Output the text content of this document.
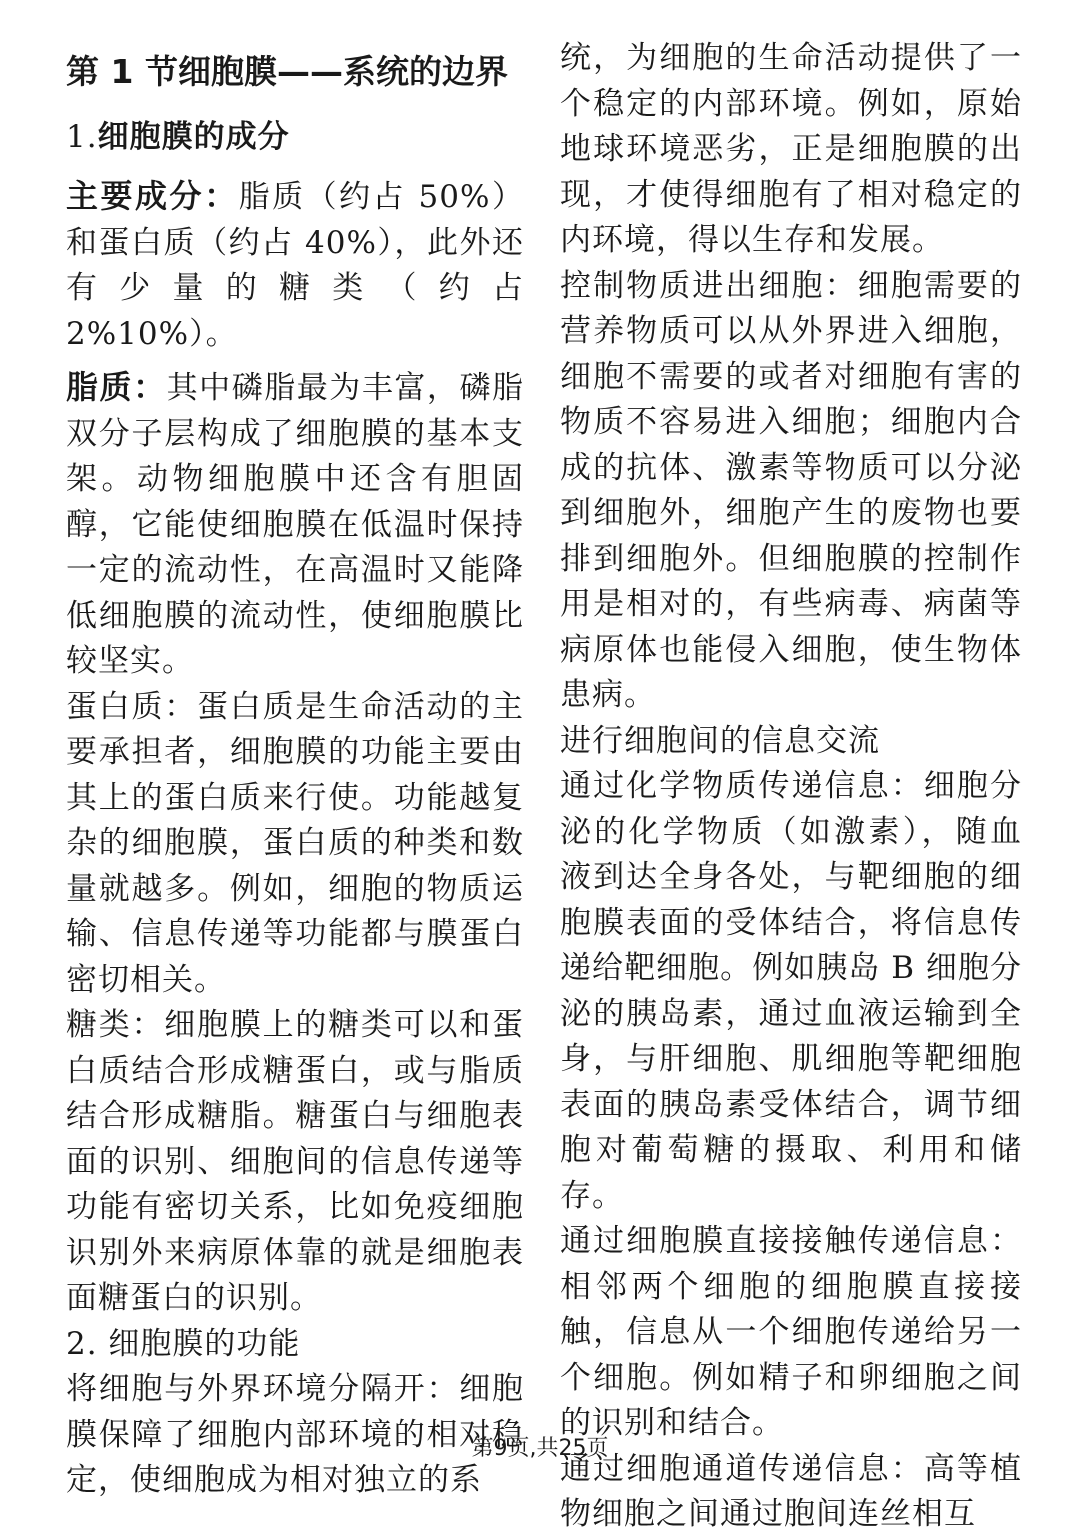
第 1 节细胞膜——系统的边界
1.细胞膜的成分

主要成分：脂质（约占 50%）和蛋白质（约占 40%），此外还有少量的糖类（约占 2%10%）。

脂质：其中磷脂最为丰富，磷脂双分子层构成了细胞膜的基本支架。动物细胞膜中还含有胆固醇，它能使细胞膜在低温时保持一定的流动性，在高温时又能降低细胞膜的流动性，使细胞膜比较坚实。

蛋白质：蛋白质是生命活动的主要承担者，细胞膜的功能主要由其上的蛋白质来行使。功能越复杂的细胞膜，蛋白质的种类和数量就越多。例如，细胞的物质运输、信息传递等功能都与膜蛋白密切相关。

糖类：细胞膜上的糖类可以和蛋白质结合形成糖蛋白，或与脂质结合形成糖脂。糖蛋白与细胞表面的识别、细胞间的信息传递等功能有密切关系，比如免疫细胞识别外来病原体靠的就是细胞表面糖蛋白的识别。

2. 细胞膜的功能

将细胞与外界环境分隔开：细胞膜保障了细胞内部环境的相对稳定，使细胞成为相对独立的系

统，为细胞的生命活动提供了一个稳定的内部环境。例如，原始地球环境恶劣，正是细胞膜的出现，才使得细胞有了相对稳定的内环境，得以生存和发展。

控制物质进出细胞：细胞需要的营养物质可以从外界进入细胞，细胞不需要的或者对细胞有害的物质不容易进入细胞；细胞内合成的抗体、激素等物质可以分泌到细胞外，细胞产生的废物也要排到细胞外。但细胞膜的控制作用是相对的，有些病毒、病菌等病原体也能侵入细胞，使生物体患病。

进行细胞间的信息交流

通过化学物质传递信息：细胞分泌的化学物质（如激素），随血液到达全身各处，与靶细胞的细胞膜表面的受体结合，将信息传递给靶细胞。例如胰岛 B 细胞分泌的胰岛素，通过血液运输到全身，与肝细胞、肌细胞等靶细胞表面的胰岛素受体结合，调节细胞对葡萄糖的摄取、利用和储存。

通过细胞膜直接接触传递信息：相邻两个细胞的细胞膜直接接触，信息从一个细胞传递给另一个细胞。例如精子和卵细胞之间的识别和结合。

通过细胞通道传递信息：高等植物细胞之间通过胞间连丝相互

第9页,共25页
